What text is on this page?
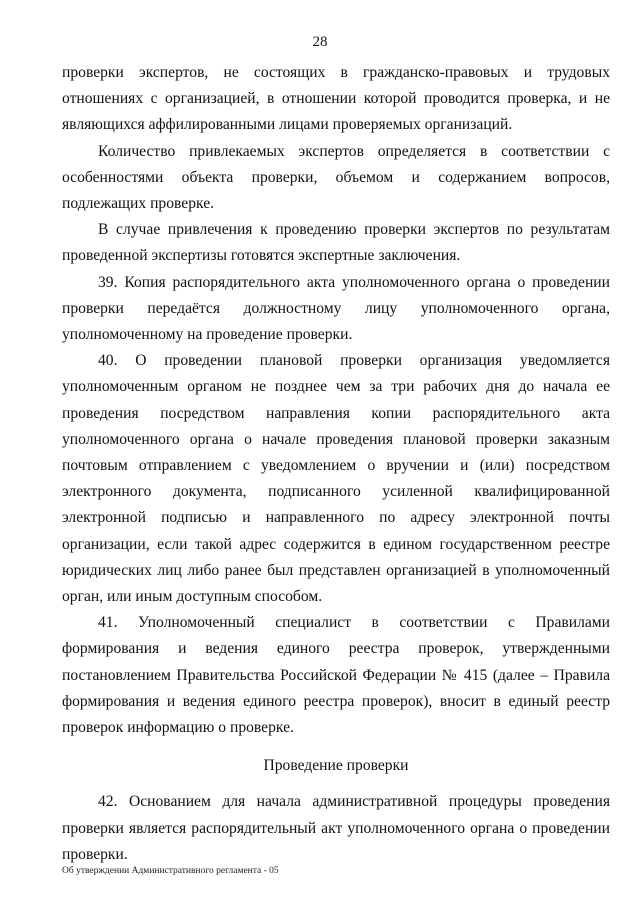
28

проверки экспертов, не состоящих в гражданско-правовых и трудовых отношениях с организацией, в отношении которой проводится проверка, и не являющихся аффилированными лицами проверяемых организаций.

Количество привлекаемых экспертов определяется в соответствии с особенностями объекта проверки, объемом и содержанием вопросов, подлежащих проверке.

В случае привлечения к проведению проверки экспертов по результатам проведенной экспертизы готовятся экспертные заключения.

39. Копия распорядительного акта уполномоченного органа о проведении проверки передаётся должностному лицу уполномоченного органа, уполномоченному на проведение проверки.

40. О проведении плановой проверки организация уведомляется уполномоченным органом не позднее чем за три рабочих дня до начала ее проведения посредством направления копии распорядительного акта уполномоченного органа о начале проведения плановой проверки заказным почтовым отправлением с уведомлением о вручении и (или) посредством электронного документа, подписанного усиленной квалифицированной электронной подписью и направленного по адресу электронной почты организации, если такой адрес содержится в едином государственном реестре юридических лиц либо ранее был представлен организацией в уполномоченный орган, или иным доступным способом.

41. Уполномоченный специалист в соответствии с Правилами формирования и ведения единого реестра проверок, утвержденными постановлением Правительства Российской Федерации № 415 (далее – Правила формирования и ведения единого реестра проверок), вносит в единый реестр проверок информацию о проверке.

Проведение проверки

42. Основанием для начала административной процедуры проведения проверки является распорядительный акт уполномоченного органа о проведении проверки.

Об утверждении Административного регламента - 05
